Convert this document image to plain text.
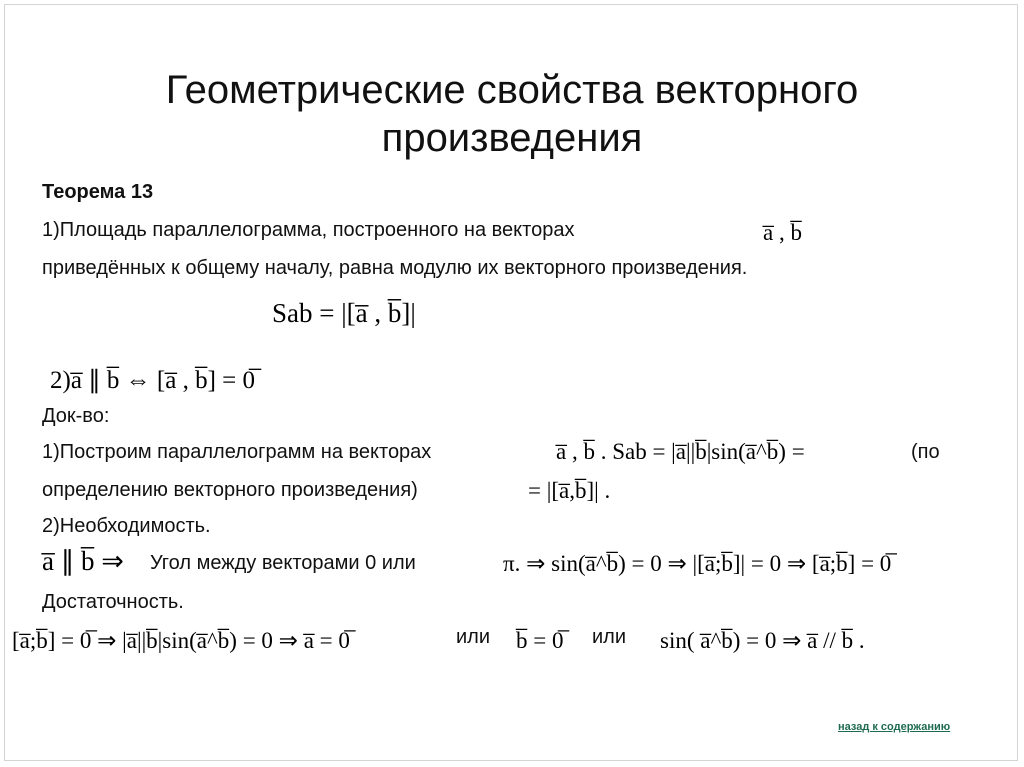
Геометрические свойства векторного
произведения
Теорема 13
1)Площадь параллелограмма, построенного на векторах	a̅ , b̅
приведённых к общему началу, равна модулю их векторного произведения.
Sab = |[a̅ , b̅]|
2)a̅ ∥ b̅ ⇔ [a̅ , b̅] = 0̅
Док-во:
1)Построим параллелограмм на векторах	a̅ , b̅ . Sab = |a̅||b̅|sin(a̅^b̅) =	(по
определению векторного произведения)	= |[a̅,b̅]| .
2)Необходимость.
a̅ ∥ b̅ ⇒ Угол между векторами 0 или	π. ⇒ sin(a̅^b̅) = 0 ⇒ |[a̅;b̅]| = 0 ⇒ [a̅;b̅] = 0̅
Достаточность.
[a̅;b̅] = 0̅ ⇒ |a̅||b̅|sin(a̅^b̅) = 0 ⇒ a̅ = 0̅	или b̅ = 0̅ или sin( a̅^b̅) = 0 ⇒ a̅ // b̅ .
назад к содержанию
